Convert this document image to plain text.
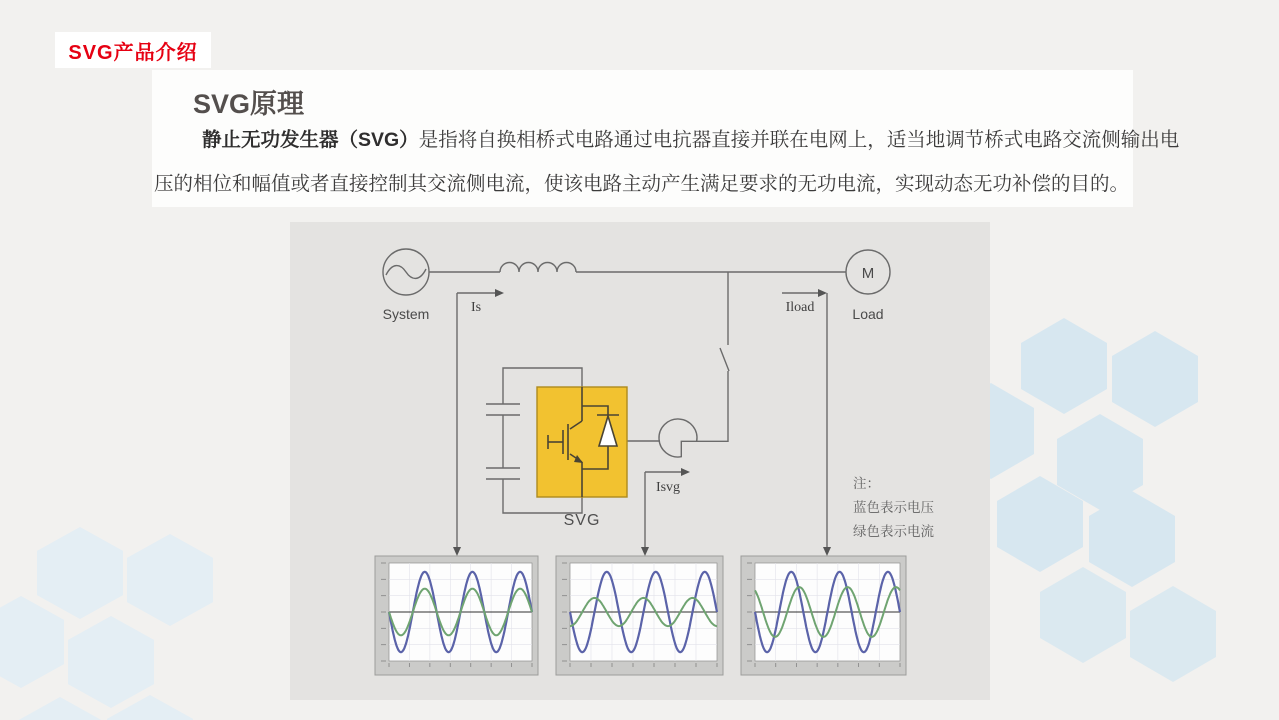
SVG产品介绍
SVG原理
静止无功发生器（SVG）是指将自换相桥式电路通过电抗器直接并联在电网上，适当地调节桥式电路交流侧输出电
压的相位和幅值或者直接控制其交流侧电流，使该电路主动产生满足要求的无功电流，实现动态无功补偿的目的。
System
M
Load
Is	Iload
Isvg
SVG
注：
蓝色表示电压
绿色表示电流
